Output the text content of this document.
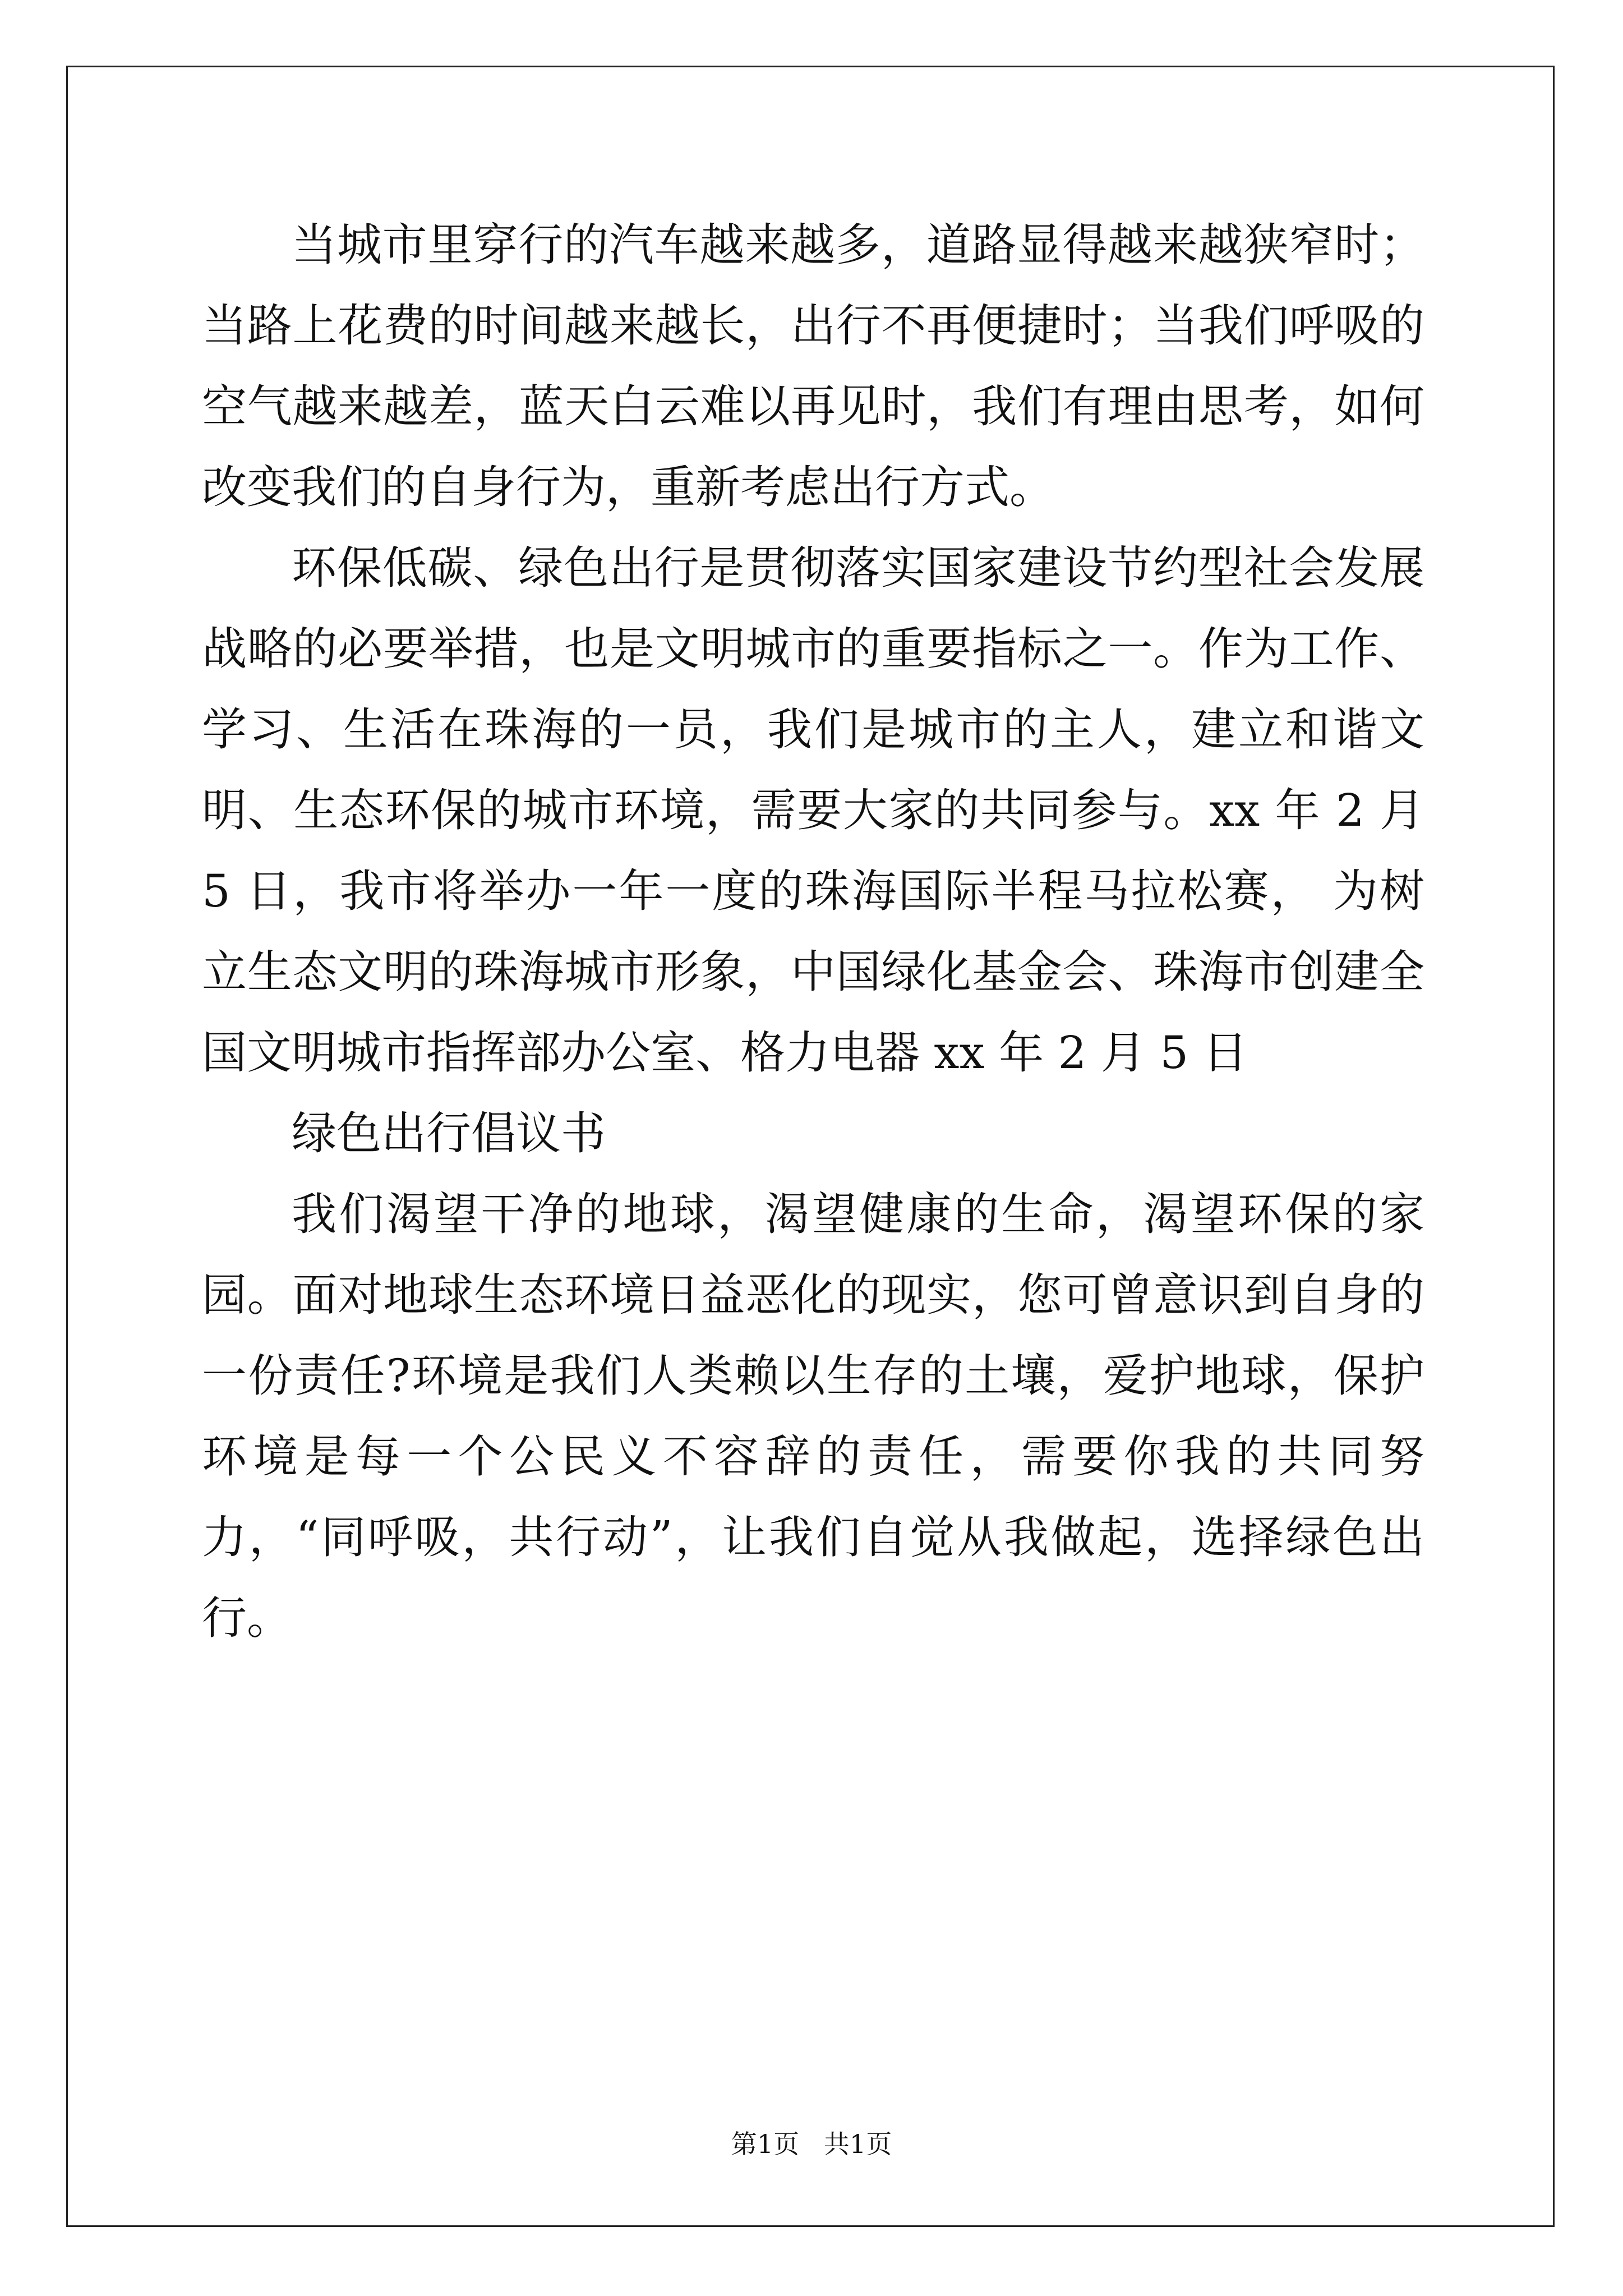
当城市里穿行的汽车越来越多，道路显得越来越狭窄时；当路上花费的时间越来越长，出行不再便捷时；当我们呼吸的空气越来越差，蓝天白云难以再见时，我们有理由思考，如何改变我们的自身行为，重新考虑出行方式。

环保低碳、绿色出行是贯彻落实国家建设节约型社会发展战略的必要举措，也是文明城市的重要指标之一。作为工作、学习、生活在珠海的一员，我们是城市的主人，建立和谐文明、生态环保的城市环境，需要大家的共同参与。xx 年 2 月 5 日，我市将举办一年一度的珠海国际半程马拉松赛， 为树立生态文明的珠海城市形象，中国绿化基金会、珠海市创建全国文明城市指挥部办公室、格力电器 xx 年 2 月 5 日

绿色出行倡议书

我们渴望干净的地球，渴望健康的生命，渴望环保的家园。面对地球生态环境日益恶化的现实，您可曾意识到自身的一份责任?环境是我们人类赖以生存的土壤，爱护地球，保护环境是每一个公民义不容辞的责任，需要你我的共同努力，“同呼吸，共行动”，让我们自觉从我做起，选择绿色出行。

第1页   共1页
